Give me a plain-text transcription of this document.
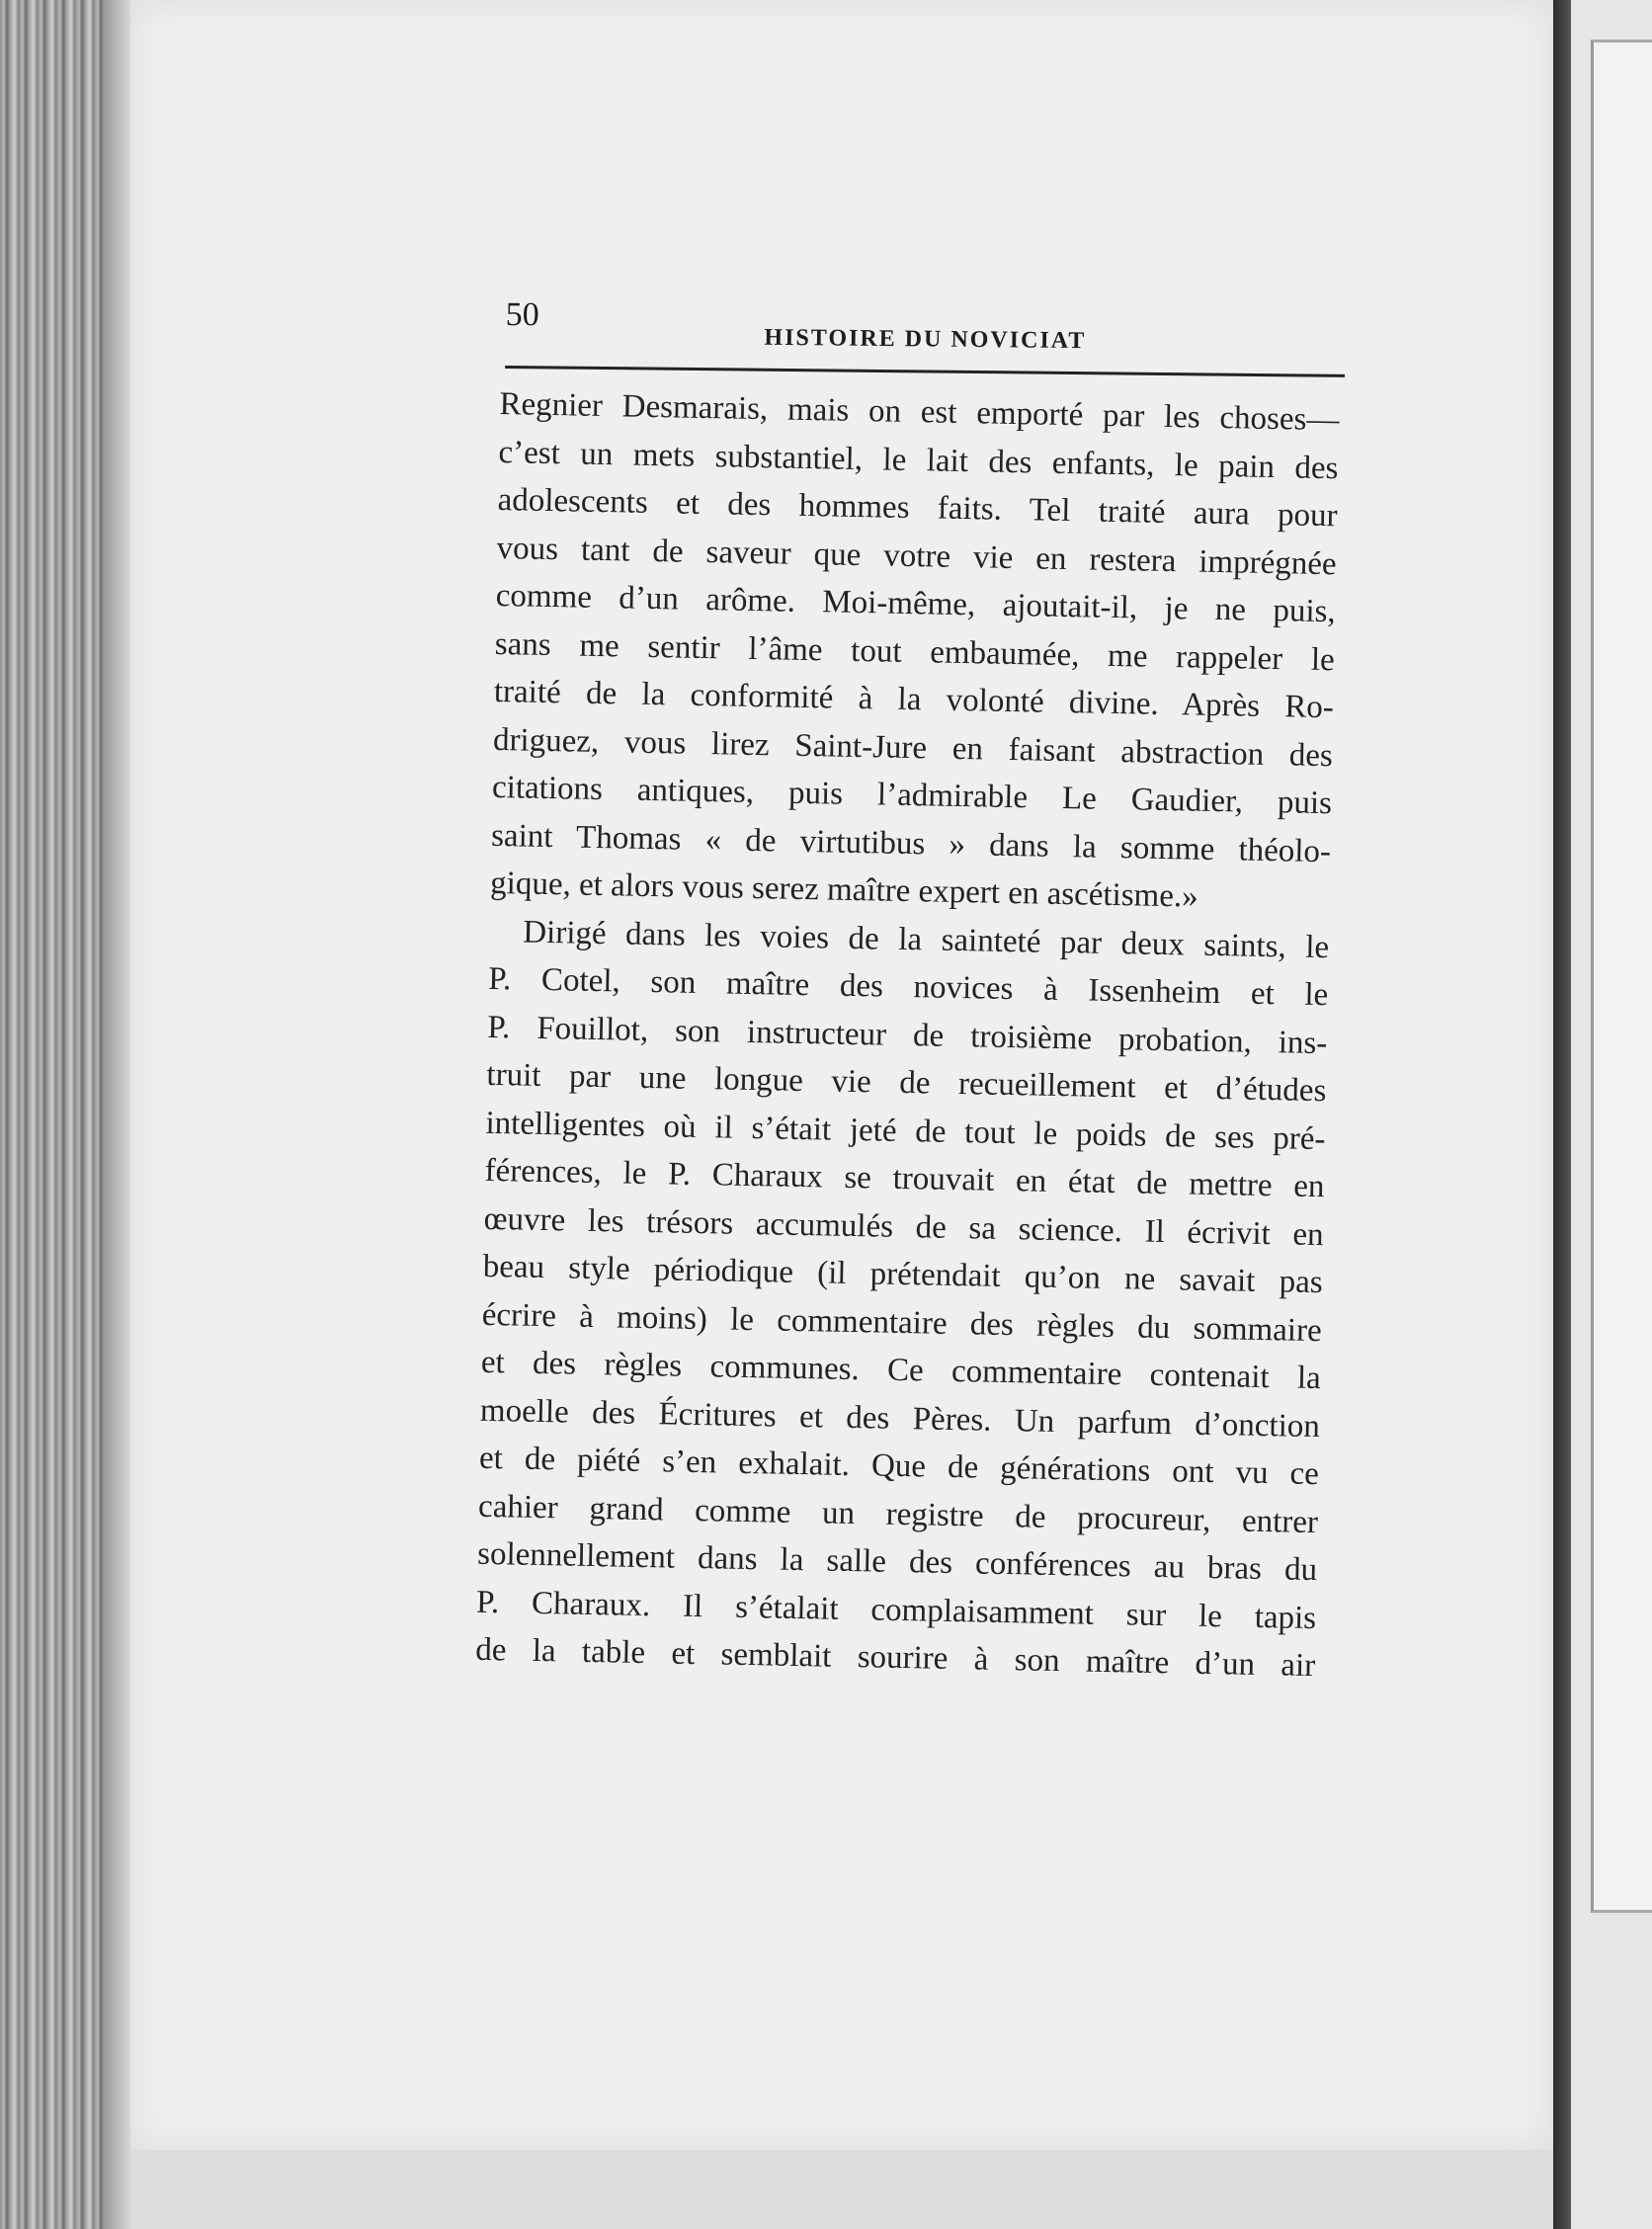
50
HISTOIRE DU NOVICIAT
Regnier Desmarais, mais on est emporté par les choses—
c’est un mets substantiel, le lait des enfants, le pain des
adolescents et des hommes faits. Tel traité aura pour
vous tant de saveur que votre vie en restera imprégnée
comme d’un arôme. Moi-même, ajoutait-il, je ne puis,
sans me sentir l’âme tout embaumée, me rappeler le
traité de la conformité à la volonté divine. Après Ro-
driguez, vous lirez Saint-Jure en faisant abstraction des
citations antiques, puis l’admirable Le Gaudier, puis
saint Thomas « de virtutibus » dans la somme théolo-
gique, et alors vous serez maître expert en ascétisme.»
Dirigé dans les voies de la sainteté par deux saints, le
P. Cotel, son maître des novices à Issenheim et le
P. Fouillot, son instructeur de troisième probation, ins-
truit par une longue vie de recueillement et d’études
intelligentes où il s’était jeté de tout le poids de ses pré-
férences, le P. Charaux se trouvait en état de mettre en
œuvre les trésors accumulés de sa science. Il écrivit en
beau style périodique (il prétendait qu’on ne savait pas
écrire à moins) le commentaire des règles du sommaire
et des règles communes. Ce commentaire contenait la
moelle des Écritures et des Pères. Un parfum d’onction
et de piété s’en exhalait. Que de générations ont vu ce
cahier grand comme un registre de procureur, entrer
solennellement dans la salle des conférences au bras du
P. Charaux. Il s’étalait complaisamment sur le tapis
de la table et semblait sourire à son maître d’un air
